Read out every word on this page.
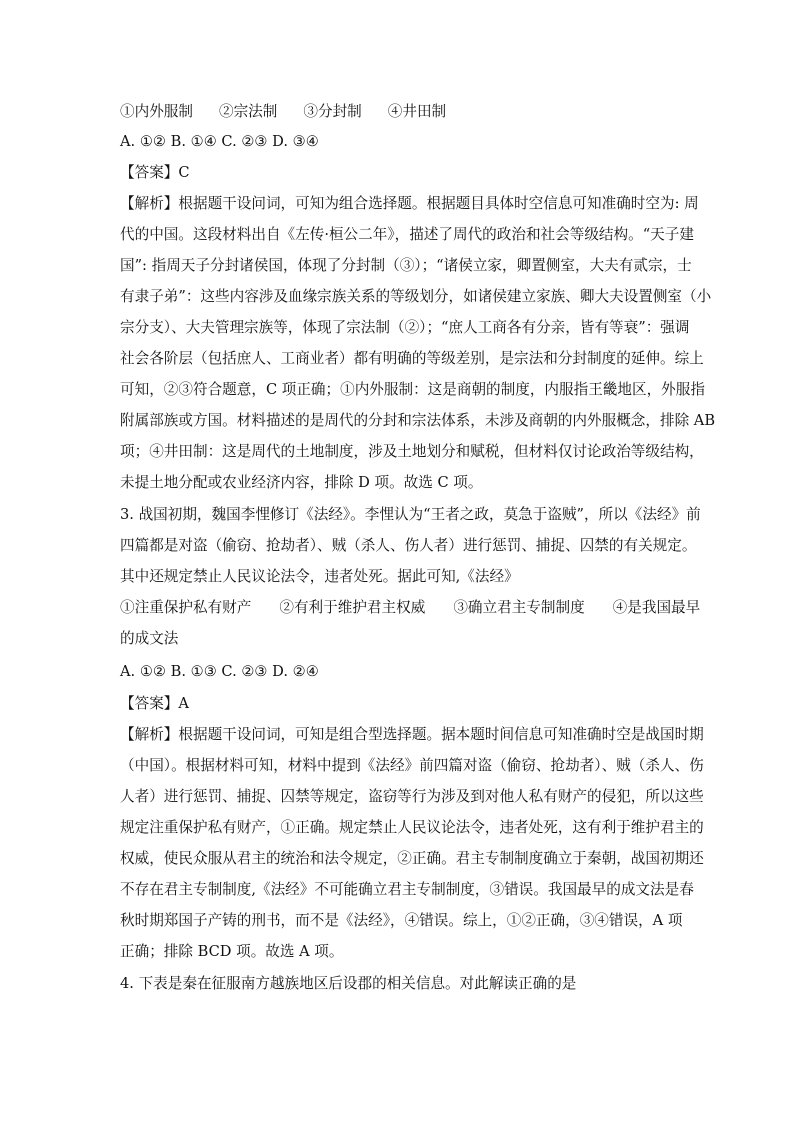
①内外服制 ②宗法制 ③分封制 ④井田制
A. ①② B. ①④ C. ②③ D. ③④
【答案】C
【解析】根据题干设问词，可知为组合选择题。根据题目具体时空信息可知准确时空为: 周
代的中国。这段材料出自《左传·桓公二年》，描述了周代的政治和社会等级结构。“天子建
国”: 指周天子分封诸侯国，体现了分封制（③）；“诸侯立家，卿置侧室，大夫有贰宗，士
有隶子弟”：这些内容涉及血缘宗族关系的等级划分，如诸侯建立家族、卿大夫设置侧室（小
宗分支）、大夫管理宗族等，体现了宗法制（②）；“庶人工商各有分亲，皆有等衰”：强调
社会各阶层（包括庶人、工商业者）都有明确的等级差别，是宗法和分封制度的延伸。综上
可知，②③符合题意，C 项正确；①内外服制：这是商朝的制度，内服指王畿地区，外服指
附属部族或方国。材料描述的是周代的分封和宗法体系，未涉及商朝的内外服概念，排除 AB
项；④井田制：这是周代的土地制度，涉及土地划分和赋税，但材料仅讨论政治等级结构，
未提土地分配或农业经济内容，排除 D 项。故选 C 项。
3. 战国初期，魏国李悝修订《法经》。李悝认为“王者之政，莫急于盗贼”，所以《法经》前
四篇都是对盗（偷窃、抢劫者）、贼（杀人、伤人者）进行惩罚、捕捉、囚禁的有关规定。
其中还规定禁止人民议论法令，违者处死。据此可知,《法经》
①注重保护私有财产 ②有利于维护君主权威 ③确立君主专制制度 ④是我国最早
的成文法
A. ①② B. ①③ C. ②③ D. ②④
【答案】A
【解析】根据题干设问词，可知是组合型选择题。据本题时间信息可知准确时空是战国时期
（中国）。根据材料可知，材料中提到《法经》前四篇对盗（偷窃、抢劫者）、贼（杀人、伤
人者）进行惩罚、捕捉、囚禁等规定，盗窃等行为涉及到对他人私有财产的侵犯，所以这些
规定注重保护私有财产，①正确。规定禁止人民议论法令，违者处死，这有利于维护君主的
权威，使民众服从君主的统治和法令规定，②正确。君主专制制度确立于秦朝，战国初期还
不存在君主专制制度,《法经》不可能确立君主专制制度，③错误。我国最早的成文法是春
秋时期郑国子产铸的刑书，而不是《法经》，④错误。综上，①②正确，③④错误，A 项
正确；排除 BCD 项。故选 A 项。
4. 下表是秦在征服南方越族地区后设郡的相关信息。对此解读正确的是
